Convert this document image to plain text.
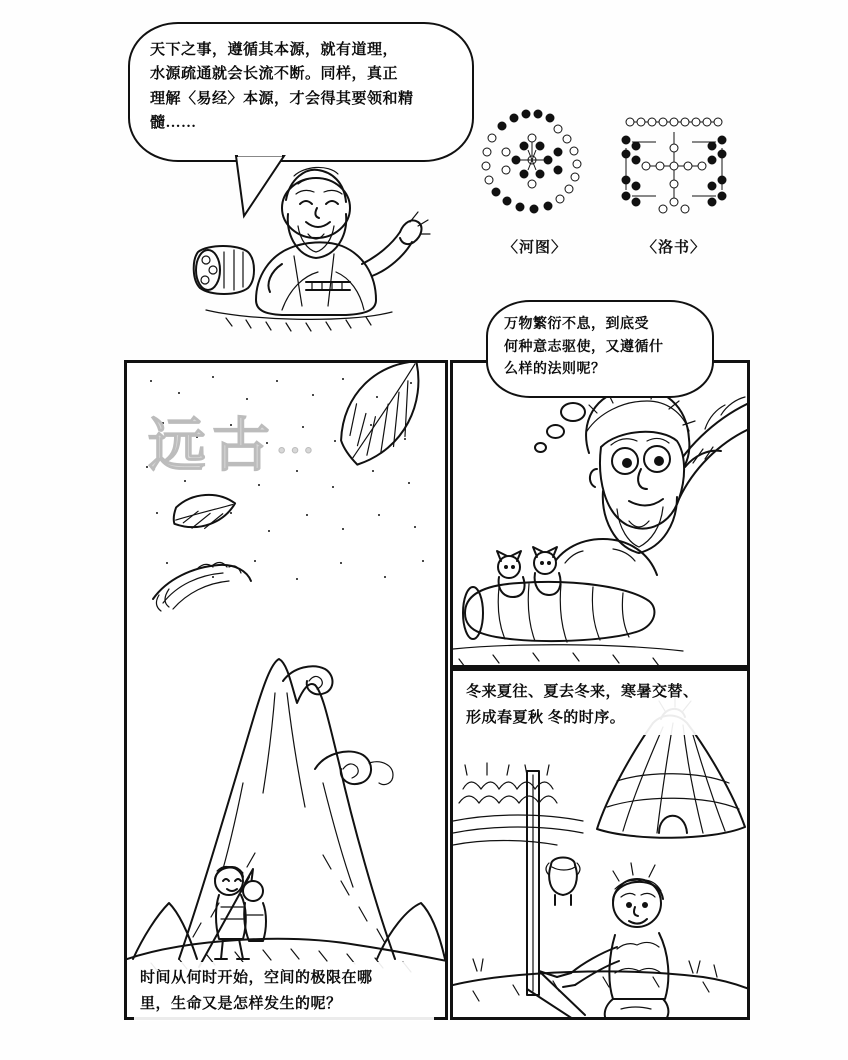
天下之事，遵循其本源，就有道理，

水源疏通就会长流不断。同样，真正

理解〈易经〉本源，才会得其要领和精

髓……

〈河图〉	〈洛书〉

万物繁衍不息，到底受

何种意志驱使，又遵循什

么样的法则呢？

远古···
时间从何时开始，空间的极限在哪
里，生命又是怎样发生的呢？
冬来夏往、夏去冬来，寒暑交替、
形成春夏秋 冬的时序。
